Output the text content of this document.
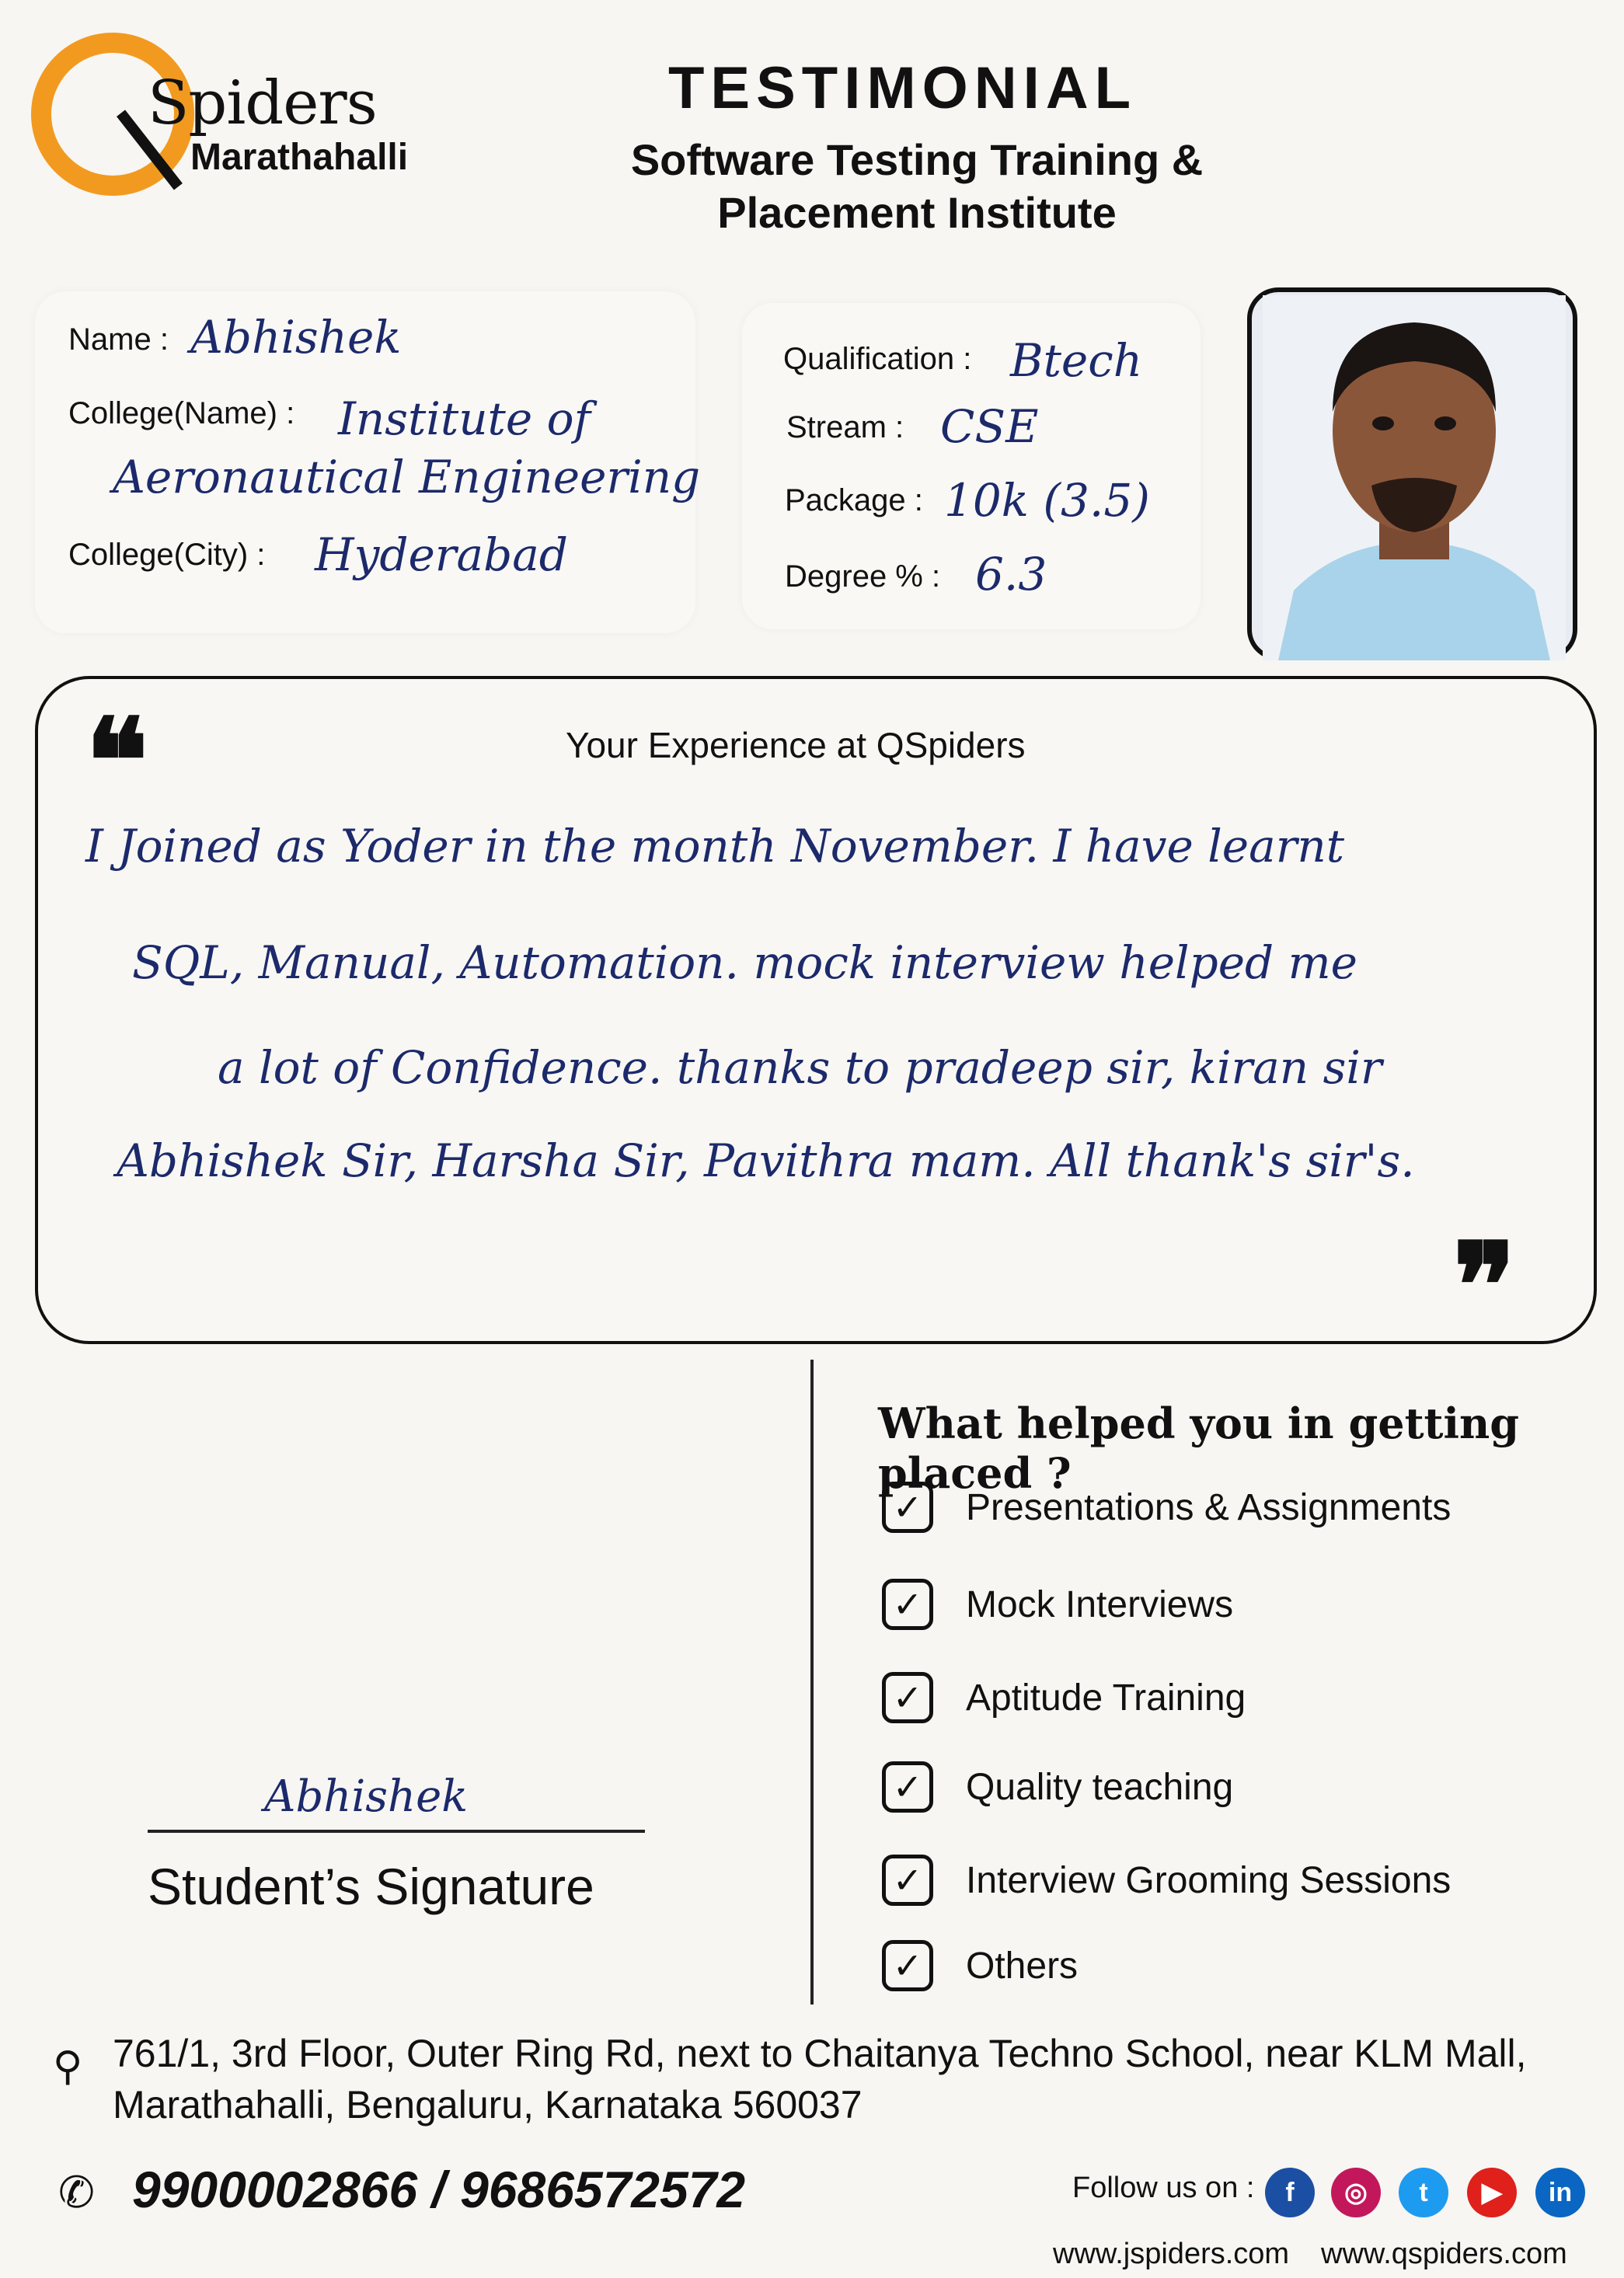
Spiders
Marathahalli
TESTIMONIAL
Software Testing Training &
Placement Institute
Name : Abhishek
College(Name) : Institute of
Aeronautical Engineering
College(City) : Hyderabad
Qualification : Btech
Stream : CSE
Package : 10k (3.5)
Degree % : 6.3
❝
❞
Your Experience at QSpiders
I Joined as Yoder in the month November. I have learnt
SQL, Manual, Automation. mock interview helped me
a lot of Confidence. thanks to pradeep sir, kiran sir
Abhishek Sir, Harsha Sir, Pavithra mam. All thank's sir's.
Abhishek
Student’s Signature
What helped you in getting placed ?
✓ Presentations & Assignments
✓ Mock Interviews
✓ Aptitude Training
✓ Quality teaching
✓ Interview Grooming Sessions
✓ Others
⚲ 761/1, 3rd Floor, Outer Ring Rd, next to Chaitanya Techno School, near KLM Mall,
Marathahalli, Bengaluru, Karnataka 560037
✆ 9900002866 / 9686572572	Follow us on :	f	◎	t	▶	in
www.jspiders.com www.qspiders.com
